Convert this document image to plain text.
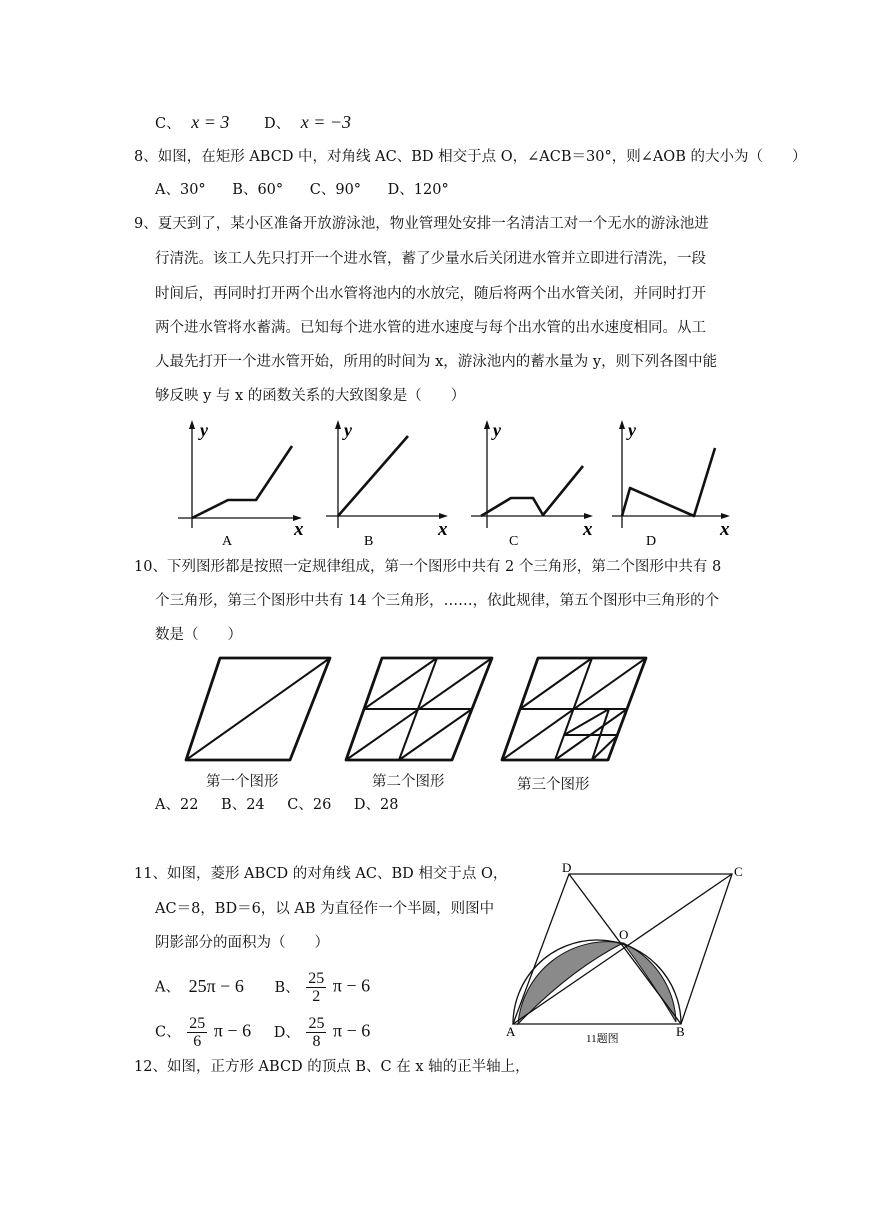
C、 x = 3 D、 x = −3
8、如图，在矩形 ABCD 中，对角线 AC、BD 相交于点 O，∠ACB＝30°，则∠AOB 的大小为（　　）
A、30° B、60° C、90° D、120°
9、夏天到了，某小区准备开放游泳池，物业管理处安排一名清洁工对一个无水的游泳池进
行清洗。该工人先只打开一个进水管，蓄了少量水后关闭进水管并立即进行清洗，一段
时间后，再同时打开两个出水管将池内的水放完，随后将两个出水管关闭，并同时打开
两个进水管将水蓄满。已知每个进水管的进水速度与每个出水管的出水速度相同。从工
人最先打开一个进水管开始，所用的时间为 x，游泳池内的蓄水量为 y，则下列各图中能
够反映 y 与 x 的函数关系的大致图象是（　　）
y
x
A
y
x
B
y
x
C
y
x
D
10、下列图形都是按照一定规律组成，第一个图形中共有 2 个三角形，第二个图形中共有 8
个三角形，第三个图形中共有 14 个三角形，……，依此规律，第五个图形中三角形的个
数是（　　）
第一个图形	第二个图形	第三个图形
A、22 B、24 C、26 D、28
11、如图，菱形 ABCD 的对角线 AC、BD 相交于点 O，
AC＝8，BD＝6，以 AB 为直径作一个半圆，则图中
阴影部分的面积为（　　）
A、 25π − 6 B、 $\frac{25}{2}$ π − 6
C、 $\frac{25}{6}$ π − 6 D、 $\frac{25}{8}$ π − 6
D	C
O
A	B
11题图
12、如图，正方形 ABCD 的顶点 B、C 在 x 轴的正半轴上，
